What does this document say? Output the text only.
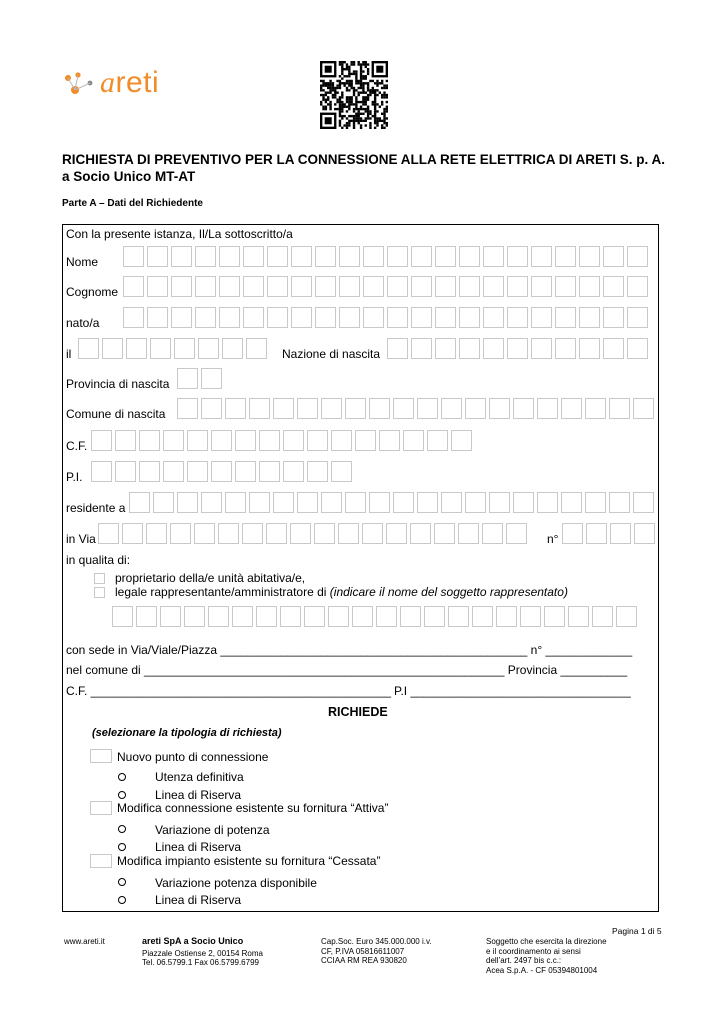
areti
RICHIESTA DI PREVENTIVO PER LA CONNESSIONE ALLA RETE ELETTRICA DI ARETI S. p. A.
a Socio Unico MT-AT
Parte A – Dati del Richiedente
Con la presente istanza, Il/La sottoscritto/a
Nome
Cognome
nato/a
il	Nazione di nascita
Provincia di nascita
Comune di nascita
C.F.
P.I.
residente a
in Via	n°
in qualita di:
proprietario della/e unità abitativa/e,
legale rappresentante/amministratore di (indicare il nome del soggetto rappresentato)
con sede in Via/Viale/Piazza ______________________________________________ n° _____________
nel comune di ______________________________________________________ Provincia __________
C.F. _____________________________________________ P.I _________________________________
RICHIEDE
(selezionare la tipologia di richiesta)
Nuovo punto di connessione
Utenza definitiva
Linea di Riserva
Modifica connessione esistente su fornitura “Attiva”
Variazione di potenza
Linea di Riserva
Modifica impianto esistente su fornitura “Cessata”
Variazione potenza disponibile
Linea di Riserva
Pagina 1 di 5
www.areti.it	areti SpA a Socio Unico
Piazzale Ostiense 2, 00154 Roma
Tel. 06.5799.1 Fax 06.5799.6799
Cap.Soc. Euro 345.000.000 i.v.
CF, P.IVA 05816611007
CCIAA RM REA 930820
Soggetto che esercita la direzione
e il coordinamento ai sensi
dell’art. 2497 bis c.c.:
Acea S.p.A. - CF 05394801004
